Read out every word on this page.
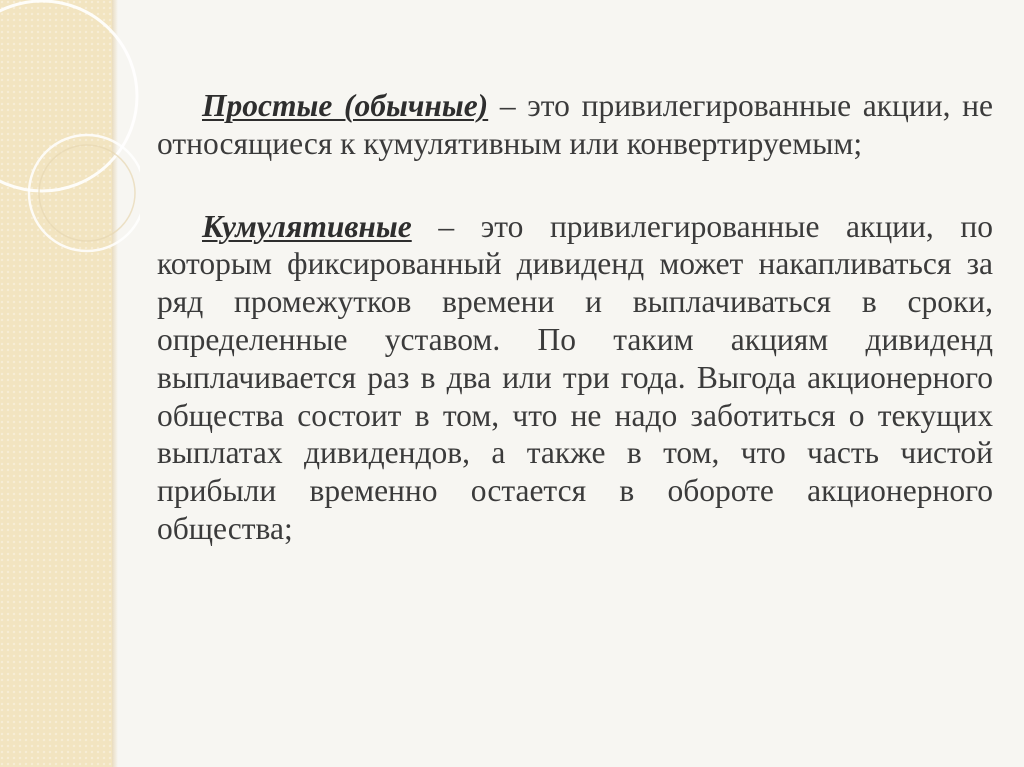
Простые (обычные) – это привилегированные акции, не относящиеся к кумулятивным или конвертируемым;

Кумулятивные – это привилегированные акции, по которым фиксированный дивиденд может накапливаться за ряд промежутков времени и выплачиваться в сроки, определенные уставом. По таким акциям дивиденд выплачивается раз в два или три года. Выгода акционерного общества состоит в том, что не надо заботиться о текущих выплатах дивидендов, а также в том, что часть чистой прибыли временно остается в обороте акционерного общества;
